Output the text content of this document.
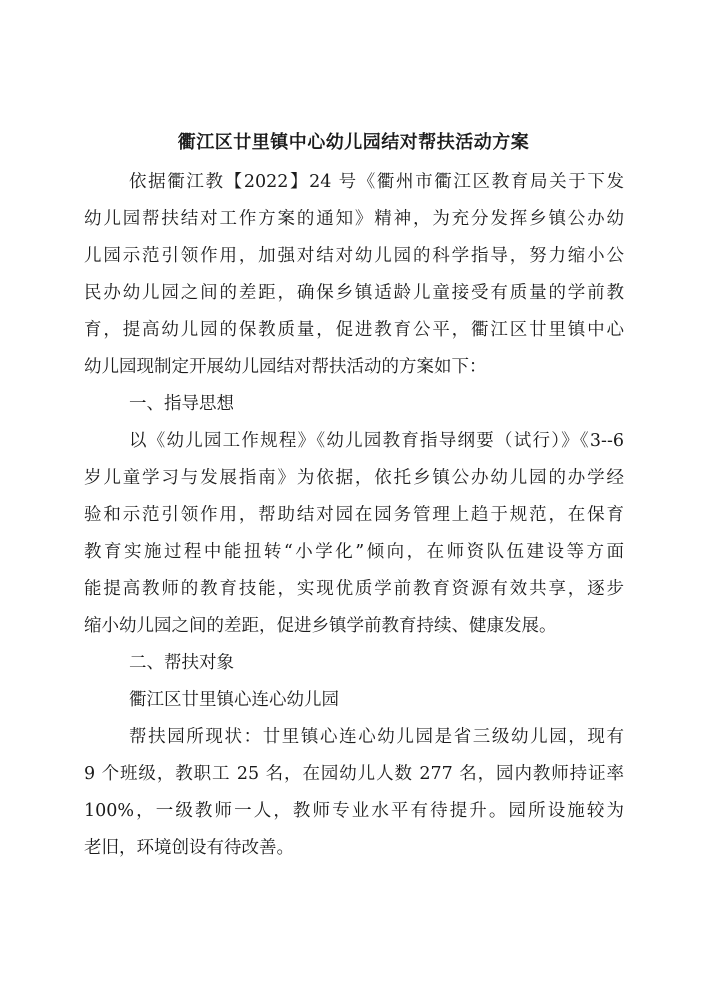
衢江区廿里镇中心幼儿园结对帮扶活动方案
依据衢江教【2022】24 号《衢州市衢江区教育局关于下发
幼儿园帮扶结对工作方案的通知》精神，为充分发挥乡镇公办幼
儿园示范引领作用，加强对结对幼儿园的科学指导，努力缩小公
民办幼儿园之间的差距，确保乡镇适龄儿童接受有质量的学前教
育，提高幼儿园的保教质量，促进教育公平，衢江区廿里镇中心
幼儿园现制定开展幼儿园结对帮扶活动的方案如下：
一、指导思想
以《幼儿园工作规程》《幼儿园教育指导纲要（试行）》《3--6
岁儿童学习与发展指南》为依据，依托乡镇公办幼儿园的办学经
验和示范引领作用，帮助结对园在园务管理上趋于规范，在保育
教育实施过程中能扭转“小学化”倾向，在师资队伍建设等方面
能提高教师的教育技能，实现优质学前教育资源有效共享，逐步
缩小幼儿园之间的差距，促进乡镇学前教育持续、健康发展。
二、帮扶对象
衢江区廿里镇心连心幼儿园
帮扶园所现状：廿里镇心连心幼儿园是省三级幼儿园，现有
9 个班级，教职工 25 名，在园幼儿人数 277 名，园内教师持证率
100%，一级教师一人，教师专业水平有待提升。园所设施较为
老旧，环境创设有待改善。
